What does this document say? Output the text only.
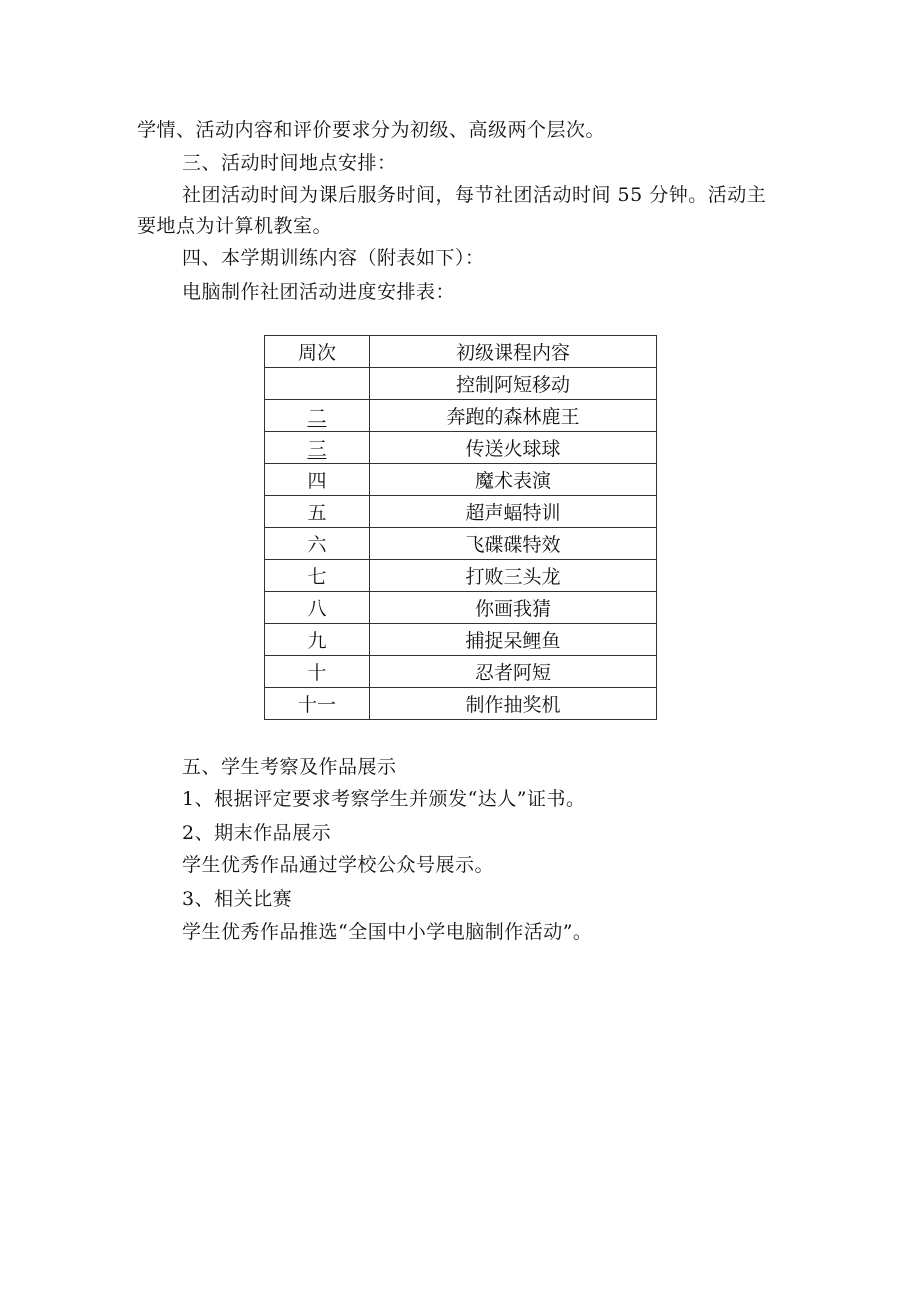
学情、活动内容和评价要求分为初级、高级两个层次。
三、活动时间地点安排：
社团活动时间为课后服务时间，每节社团活动时间 55 分钟。活动主
要地点为计算机教室。
四、本学期训练内容（附表如下）：
电脑制作社团活动进度安排表：
周次	初级课程内容
	控制阿短移动
二	奔跑的森林鹿王
三	传送火球球
四	魔术表演
五	超声蝠特训
六	飞碟碟特效
七	打败三头龙
八	你画我猜
九	捕捉呆鲤鱼
十	忍者阿短
十一	制作抽奖机
五、学生考察及作品展示
1、根据评定要求考察学生并颁发“达人”证书。
2、期末作品展示
学生优秀作品通过学校公众号展示。
3、相关比赛
学生优秀作品推选“全国中小学电脑制作活动”。
